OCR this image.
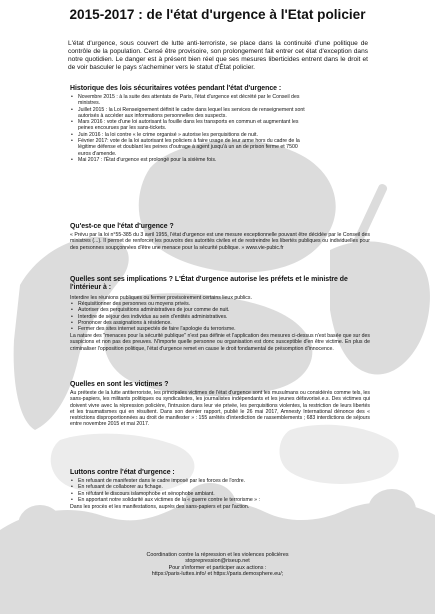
2015-2017 : de l'état d'urgence à l'Etat policier

L'état d'urgence, sous couvert de lutte anti-terroriste, se place dans la continuité d'une politique de contrôle de la population. Censé être provisoire, son prolongement fait entrer cet état d'exception dans notre quotidien. Le danger est à présent bien réel que ses mesures liberticides entrent dans le droit et de voir basculer le pays s'acheminer vers le statut d'État policier.

Historique des lois sécuritaires votées pendant l'état d'urgence :

• Novembre 2015 : à la suite des attentats de Paris, l'état d'urgence est décrété par le Conseil des ministres.
• Juillet 2015 : la Loi Renseignement définit le cadre dans lequel les services de renseignement sont autorisés à accéder aux informations personnelles des suspects.
• Mars 2016 : vote d'une loi autorisant la fouille dans les transports en commun et augmentant les peines encourues par les sans-tickets.
• Juin 2016 : la loi contre « le crime organisé » autorise les perquisitions de nuit.
• Février 2017: vote de la loi autorisant les policiers à faire usage de leur arme hors du cadre de la légitime défense et doublant les peines d'outrage à agent jusqu'à un an de prison ferme et 7500 euros d'amende.
• Mai 2017 : l'État d'urgence est prolongé pour la sixième fois.

Qu'est-ce que l'état d'urgence ?

« Prévu par la loi n°55-385 du 3 avril 1955, l'état d'urgence est une mesure exceptionnelle pouvant être décidée par le Conseil des ministres (...). Il permet de renforcer les pouvoirs des autorités civiles et de restreindre les libertés publiques ou individuelles pour des personnes soupçonnées d'être une menace pour la sécurité publique. » www.vie-pubic.fr

Quelles sont ses implications ? L'État d'urgence autorise les préfets et le ministre de l'intérieur à :

Interdire les réunions publiques ou fermer provisoirement certains lieux publics.

• Réquisitionner des personnes ou moyens privés.
• Autoriser des perquisitions administratives de jour comme de nuit.
• Interdire de séjour des individus au sein d'entités administratives.
• Prononcer des assignations à résidence.
• Fermer des sites internet suspectés de faire l'apologie du terrorisme.

La nature des "menaces pour la sécurité publique" n'est pas définie et l'application des mesures ci-dessus n'est basée que sur des suspicions et non pas des preuves. N'importe quelle personne ou organisation est donc susceptible d'en être victime. En plus de criminaliser l'opposition politique, l'état d'urgence remet en cause le droit fondamental de présomption d'innocence.

Quelles en sont les victimes ?

Au prétexte de la lutte antiterroriste, les principales victimes de l'état d'urgence sont les musulmans ou considérés comme tels, les sans-papiers, les militants politiques ou syndicalistes, les journalistes indépendants et les jeunes défavorisé.e.s. Des victimes qui doivent vivre avec la répression policière, l'intrusion dans leur vie privée, les perquisitions violentes, la restriction de leurs libertés et les traumatismes qui en résultent. Dans son dernier rapport, publié le 26 mai 2017, Amnesty International dénonce des « restrictions disproportionnées au droit de manifester » : 155 arrêtés d'interdiction de rassemblements ; 683 interdictions de séjours entre novembre 2015 et mai 2017.

Luttons contre l'état d'urgence :

• En refusant de manifester dans le cadre imposé par les forces de l'ordre.
• En refusant de collaborer au fichage.
• En réfutant le discours islamophobe et xénophobe ambiant.
• En apportant notre solidarité aux victimes de la « guerre contre le terrorisme » :

Dans les procès et les manifestations, auprès des sans-papiers et par l'action.

Coordination contre la répression et les violences policières

stoprepression@riseup.net

Pour s'informer et participer aux actions :

https://paris-luttes.info/ et https://paris.demosphere.eu/;
